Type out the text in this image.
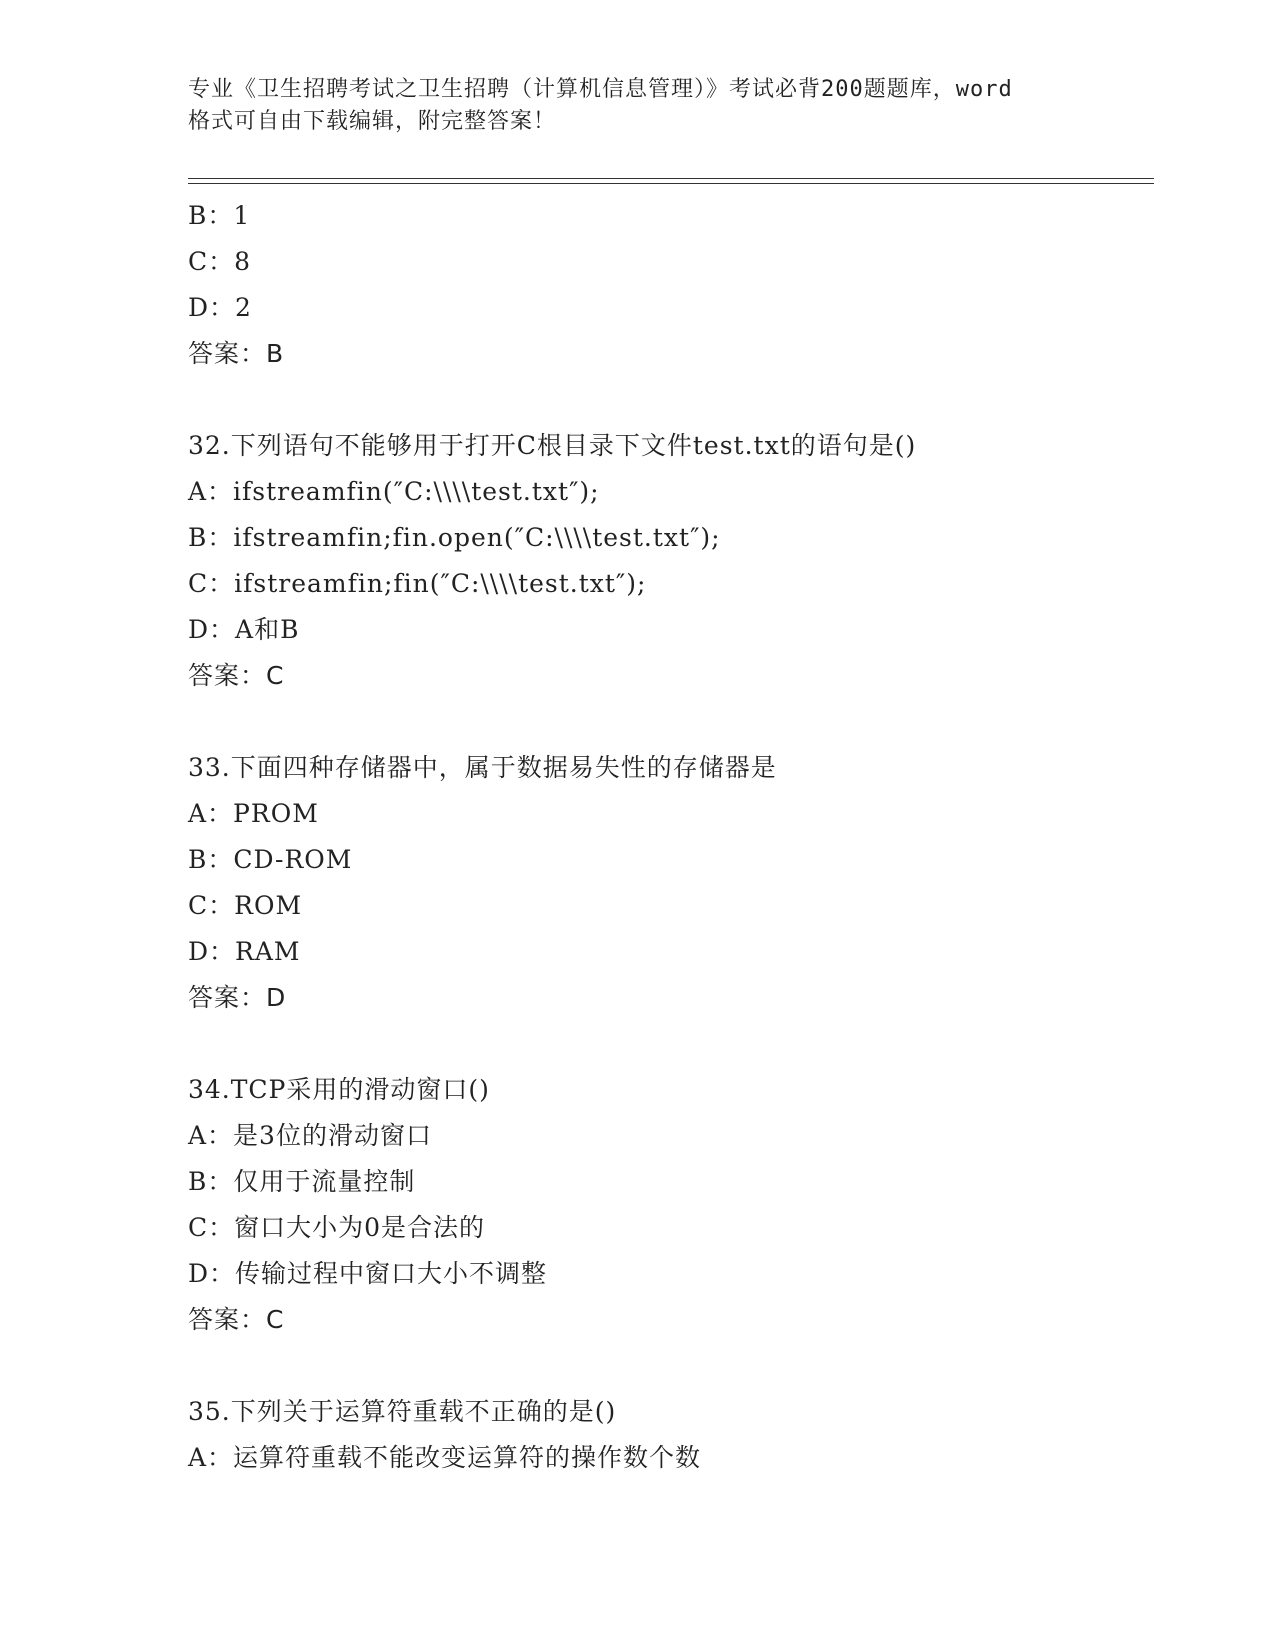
专业《卫生招聘考试之卫生招聘（计算机信息管理）》考试必背200题题库，word
格式可自由下载编辑，附完整答案！
B：1
C：8
D：2
答案：B
32.下列语句不能够用于打开C根目录下文件test.txt的语句是()
A：ifstreamfin(″C:\\\\test.txt″);
B：ifstreamfin;fin.open(″C:\\\\test.txt″);
C：ifstreamfin;fin(″C:\\\\test.txt″);
D：A和B
答案：C
33.下面四种存储器中，属于数据易失性的存储器是
A：PROM
B：CD-ROM
C：ROM
D：RAM
答案：D
34.TCP采用的滑动窗口()
A：是3位的滑动窗口
B：仅用于流量控制
C：窗口大小为0是合法的
D：传输过程中窗口大小不调整
答案：C
35.下列关于运算符重载不正确的是()
A：运算符重载不能改变运算符的操作数个数
